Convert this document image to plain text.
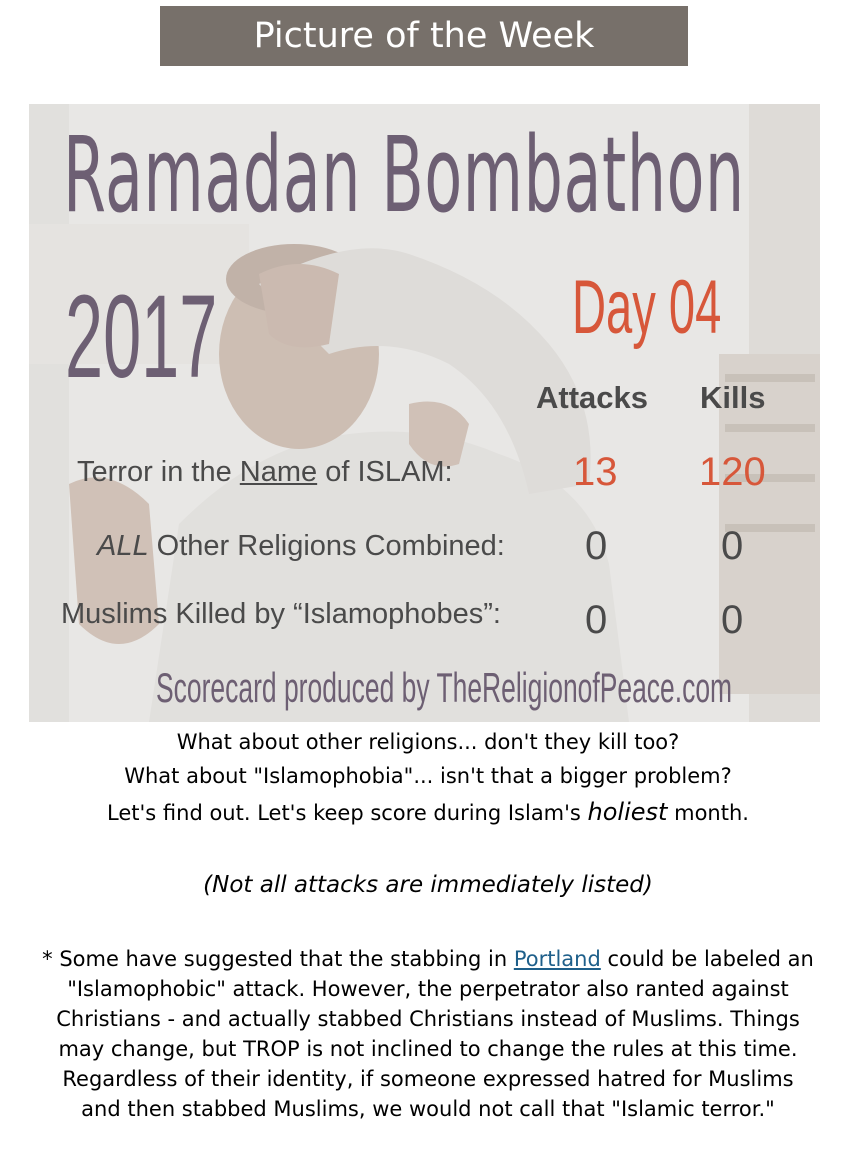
Picture of the Week
Ramadan Bombathon
2017	Day 04
Attacks Kills
Terror in the Name of ISLAM:	13 120
ALL Other Religions Combined: 0	0
Muslims Killed by “Islamophobes”: 0	0
Scorecard produced by TheReligionofPeace.com
What about other religions... don't they kill too?
What about "Islamophobia"... isn't that a bigger problem?
Let's find out. Let's keep score during Islam's holiest month.
(Not all attacks are immediately listed)
* Some have suggested that the stabbing in Portland could be labeled an
"Islamophobic" attack. However, the perpetrator also ranted against
Christians - and actually stabbed Christians instead of Muslims. Things
may change, but TROP is not inclined to change the rules at this time.
Regardless of their identity, if someone expressed hatred for Muslims
and then stabbed Muslims, we would not call that "Islamic terror."
